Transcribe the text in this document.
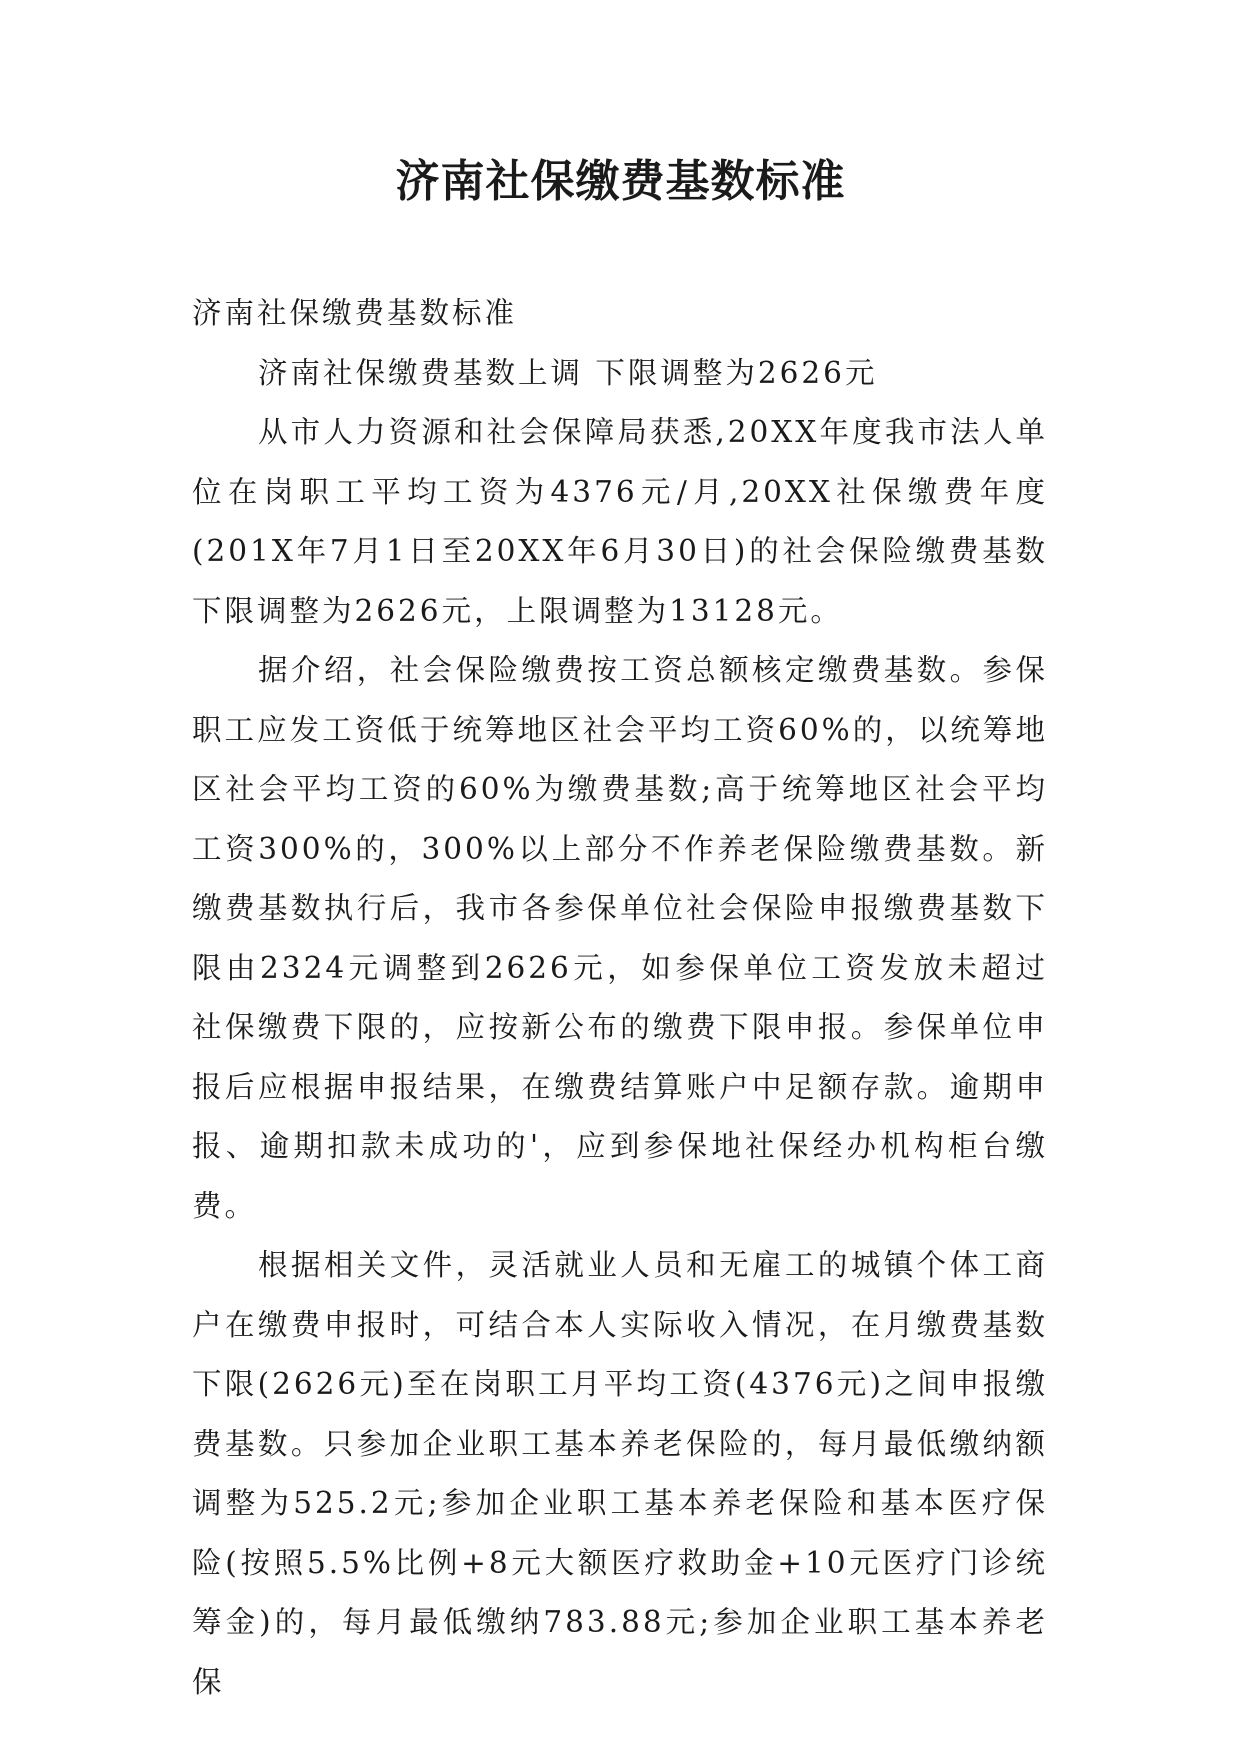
济南社保缴费基数标准

济南社保缴费基数标准

济南社保缴费基数上调 下限调整为2626元

从市人力资源和社会保障局获悉,20XX年度我市法人单位在岗职工平均工资为4376元/月,20XX社保缴费年度(201X年7月1日至20XX年6月30日)的社会保险缴费基数下限调整为2626元，上限调整为13128元。

据介绍，社会保险缴费按工资总额核定缴费基数。参保职工应发工资低于统筹地区社会平均工资60%的，以统筹地区社会平均工资的60%为缴费基数;高于统筹地区社会平均工资300%的，300%以上部分不作养老保险缴费基数。新缴费基数执行后，我市各参保单位社会保险申报缴费基数下限由2324元调整到2626元，如参保单位工资发放未超过社保缴费下限的，应按新公布的缴费下限申报。参保单位申报后应根据申报结果，在缴费结算账户中足额存款。逾期申报、逾期扣款未成功的'，应到参保地社保经办机构柜台缴费。

根据相关文件，灵活就业人员和无雇工的城镇个体工商户在缴费申报时，可结合本人实际收入情况，在月缴费基数下限(2626元)至在岗职工月平均工资(4376元)之间申报缴费基数。只参加企业职工基本养老保险的，每月最低缴纳额调整为525.2元;参加企业职工基本养老保险和基本医疗保险(按照5.5%比例+8元大额医疗救助金+10元医疗门诊统筹金)的，每月最低缴纳783.88元;参加企业职工基本养老保
